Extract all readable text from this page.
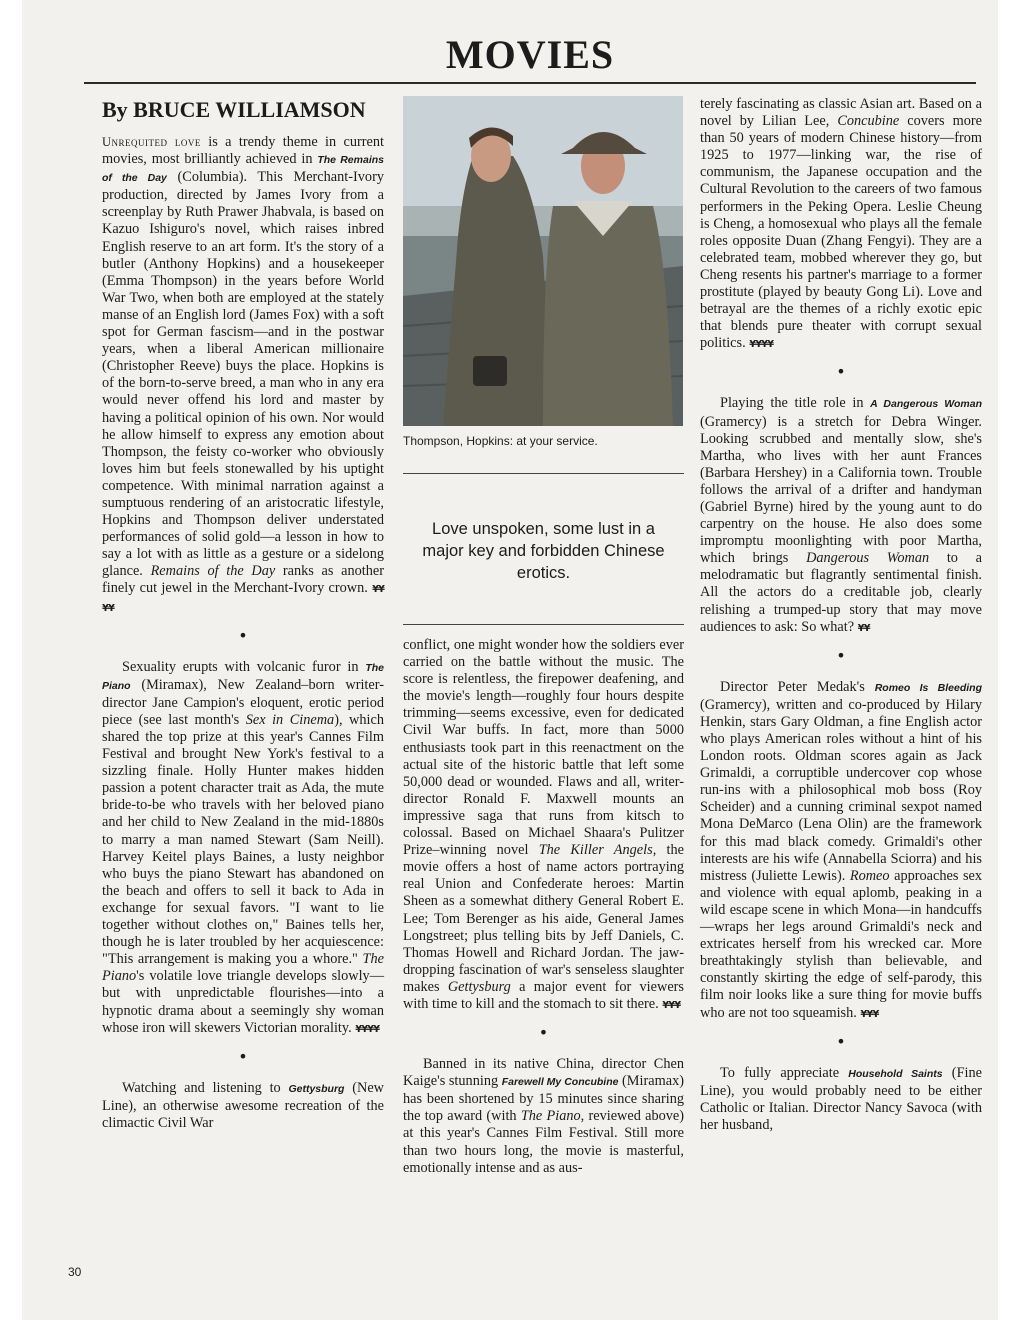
MOVIES
By BRUCE WILLIAMSON

Unrequited love is a trendy theme in current movies, most brilliantly achieved in The Remains of the Day (Columbia). This Merchant-Ivory production, directed by James Ivory from a screenplay by Ruth Prawer Jhabvala, is based on Kazuo Ishiguro's novel, which raises inbred English reserve to an art form. It's the story of a butler (Anthony Hopkins) and a housekeeper (Emma Thompson) in the years before World War Two, when both are employed at the stately manse of an English lord (James Fox) with a soft spot for German fascism—and in the postwar years, when a liberal American millionaire (Christopher Reeve) buys the place. Hopkins is of the born-to-serve breed, a man who in any era would never offend his lord and master by having a political opinion of his own. Nor would he allow himself to express any emotion about Thompson, the feisty co-worker who obviously loves him but feels stonewalled by his uptight competence. With minimal narration against a sumptuous rendering of an aristocratic lifestyle, Hopkins and Thompson deliver understated performances of solid gold—a lesson in how to say a lot with as little as a gesture or a sidelong glance. Remains of the Day ranks as another finely cut jewel in the Merchant-Ivory crown. ¥¥¥¥

•

Sexuality erupts with volcanic furor in The Piano (Miramax), New Zealand–born writer-director Jane Campion's eloquent, erotic period piece (see last month's Sex in Cinema), which shared the top prize at this year's Cannes Film Festival and brought New York's festival to a sizzling finale. Holly Hunter makes hidden passion a potent character trait as Ada, the mute bride-to-be who travels with her beloved piano and her child to New Zealand in the mid-1880s to marry a man named Stewart (Sam Neill). Harvey Keitel plays Baines, a lusty neighbor who buys the piano Stewart has abandoned on the beach and offers to sell it back to Ada in exchange for sexual favors. "I want to lie together without clothes on," Baines tells her, though he is later troubled by her acquiescence: "This arrangement is making you a whore." The Piano's volatile love triangle develops slowly—but with unpredictable flourishes—into a hypnotic drama about a seemingly shy woman whose iron will skewers Victorian morality. ¥¥¥¥

•

Watching and listening to Gettysburg (New Line), an otherwise awesome recreation of the climactic Civil War

Thompson, Hopkins: at your service.

Love unspoken, some lust in a major key and forbidden Chinese erotics.

conflict, one might wonder how the soldiers ever carried on the battle without the music. The score is relentless, the firepower deafening, and the movie's length—roughly four hours despite trimming—seems excessive, even for dedicated Civil War buffs. In fact, more than 5000 enthusiasts took part in this reenactment on the actual site of the historic battle that left some 50,000 dead or wounded. Flaws and all, writer-director Ronald F. Maxwell mounts an impressive saga that runs from kitsch to colossal. Based on Michael Shaara's Pulitzer Prize–winning novel The Killer Angels, the movie offers a host of name actors portraying real Union and Confederate heroes: Martin Sheen as a somewhat dithery General Robert E. Lee; Tom Berenger as his aide, General James Longstreet; plus telling bits by Jeff Daniels, C. Thomas Howell and Richard Jordan. The jaw-dropping fascination of war's senseless slaughter makes Gettysburg a major event for viewers with time to kill and the stomach to sit there. ¥¥¥

•

Banned in its native China, director Chen Kaige's stunning Farewell My Concubine (Miramax) has been shortened by 15 minutes since sharing the top award (with The Piano, reviewed above) at this year's Cannes Film Festival. Still more than two hours long, the movie is masterful, emotionally intense and as aus-

terely fascinating as classic Asian art. Based on a novel by Lilian Lee, Concubine covers more than 50 years of modern Chinese history—from 1925 to 1977—linking war, the rise of communism, the Japanese occupation and the Cultural Revolution to the careers of two famous performers in the Peking Opera. Leslie Cheung is Cheng, a homosexual who plays all the female roles opposite Duan (Zhang Fengyi). They are a celebrated team, mobbed wherever they go, but Cheng resents his partner's marriage to a former prostitute (played by beauty Gong Li). Love and betrayal are the themes of a richly exotic epic that blends pure theater with corrupt sexual politics. ¥¥¥¥

•

Playing the title role in A Dangerous Woman (Gramercy) is a stretch for Debra Winger. Looking scrubbed and mentally slow, she's Martha, who lives with her aunt Frances (Barbara Hershey) in a California town. Trouble follows the arrival of a drifter and handyman (Gabriel Byrne) hired by the young aunt to do carpentry on the house. He also does some impromptu moonlighting with poor Martha, which brings Dangerous Woman to a melodramatic but flagrantly sentimental finish. All the actors do a creditable job, clearly relishing a trumped-up story that may move audiences to ask: So what? ¥¥

•

Director Peter Medak's Romeo Is Bleeding (Gramercy), written and co-produced by Hilary Henkin, stars Gary Oldman, a fine English actor who plays American roles without a hint of his London roots. Oldman scores again as Jack Grimaldi, a corruptible undercover cop whose run-ins with a philosophical mob boss (Roy Scheider) and a cunning criminal sexpot named Mona DeMarco (Lena Olin) are the framework for this mad black comedy. Grimaldi's other interests are his wife (Annabella Sciorra) and his mistress (Juliette Lewis). Romeo approaches sex and violence with equal aplomb, peaking in a wild escape scene in which Mona—in handcuffs—wraps her legs around Grimaldi's neck and extricates herself from his wrecked car. More breathtakingly stylish than believable, and constantly skirting the edge of self-parody, this film noir looks like a sure thing for movie buffs who are not too squeamish. ¥¥¥

•

To fully appreciate Household Saints (Fine Line), you would probably need to be either Catholic or Italian. Director Nancy Savoca (with her husband,

30
